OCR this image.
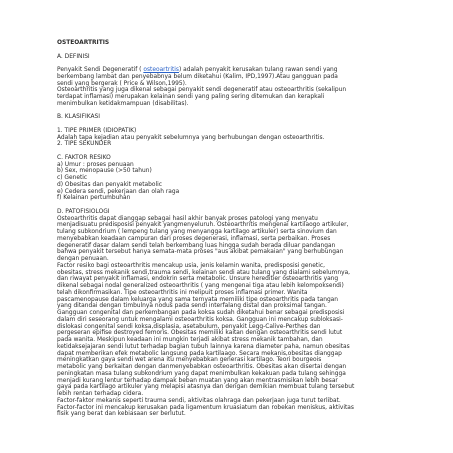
OSTEOARTRITIS

A. DEFINISI

Penyakit Sendi Degeneratif ( osteoartritis) adalah penyakit kerusakan tulang rawan sendi yang

berkembang lambat dan penyebabnya belum diketahui (Kalim, IPD,1997).Atau gangguan pada

sendi yang bergerak ( Price & Wilson,1995).

Osteoarthritis yang juga dikenal sebagai penyakit sendi degeneratif atau osteoarthritis (sekalipun

terdapat inflamasi) merupakan kelainan sendi yang paling sering ditemukan dan kerapkali

menimbulkan ketidakmampuan (disabilitas).

B. KLASIFIKASI

1. TIPE PRIMER (IDIOPATIK)

Adalah tapa kejadian atau penyakit sebelumnya yang berhubungan dengan osteoarthritis.

2. TIPE SEKUNDER

C. FAKTOR RESIKO

a) Umur : proses penuaan

b) Sex, menopause (>50 tahun)

c) Genetic

d) Obesitas dan penyakit metabolic

e) Cedera sendi, pekerjaan dan olah raga

f) Kelainan pertumbuhan

D. PATOFISIOLOGI

Osteoarthritis dapat dianggap sebagai hasil akhir banyak proses patologi yang menyatu

menjadisuatu predisposisi penyakit yangmenyeluruh. Osteoarthritis mengenai kartilaogo artikuler,

tulang subkondrium ( lempeng tulang yang menyangga kartilago artikuler) serta sinovium dan

menyebabkan keadaan campuran dari proses degenerasi, inflamasi, serta perbaikan. Proses

degeneratif dasar dalam sendi telah berkembang luas hingga sudah berada diluar pandangan

bahwa penyakit tersebut hanya semata-mata proses "aus akibat pemakaian" yang berhubungan

dengan penuaan.

Factor resiko bagi osteoarthritis mencakup usia, jenis kelamin wanita, predisposisi genetic,

obesitas, stress mekanik sendi,trauma sendi, kelainan sendi atau tulang yang dialami sebelumnya,

dan riwayat penyakit inflamasi, endokrin serta metabolic. Unsure hereditier osteoarthritis yang

dikenal sebagai nodal generalized osteoarthritis ( yang mengenai tiga atau lebih kelompoksendi)

telah dikonfirmasikan. Tipe osteoarthritis ini melipuit proses inflamasi primer. Wanita

pascamenopause dalam keluarga yang sama ternyata memiliki tipe osteoarthritis pada tangan

yang ditandai dengan timbulnya nodus pada sendi interfalang distal dan proksimal tangan.

Gangguan congenital dan perkembangan pada koksa sudah diketahui benar sebagai predisposisi

dalam diri seseorang untuk mengalami osteoarthritis koksa. Gangguan ini mencakup subloksasi-

dislokasi congenital sendi koksa,displasia, asetabulum, penyakit Legg-Calive-Perthes dan

pergeseran epifise destroyed femoris. Obesitas memiliki kaitan dengan osteoarthritis sendi lutut

pada wanita. Meskipun keadaan ini mungkin terjadi akibat stress mekanik tambahan, dan

ketidaksejajaran sendi lutut terhadap bagian tubuh lainnya karena diameter paha, namun obesitas

dapat memberikan efek metabolic langsung pada kartilaago. Secara mekanis,obesitas dianggap

meningkatkan gaya sendi wet arena itu menyebabkan generasi kartilago. Teori bourgeois

metabolic yang berkaitan dengan danmenyebabkan osteoarthritis. Obesitas akan disertai dengan

peningkatan masa tulang subkondrium yang dapat menimbulkan kekakuan pada tulang sehingga

menjadi kurang lentur terhadap dampak beban muatan yang akan mentrasmisikan lebih besar

gaya pada kartilago artikuler yang melapisi atasnya dan dengan demikian membuat tulang tersebut

lebih rentan terhadap cidera.

Factor-faktor mekanis seperti trauma sendi, aktivitas olahraga dan pekerjaan juga turut terlibat.

Factor-factor ini mencakup kerusakan pada ligamentum kruasiatum dan robekan meniskus, aktivitas

fisik yang berat dan kebiasaan ser berlutut.
